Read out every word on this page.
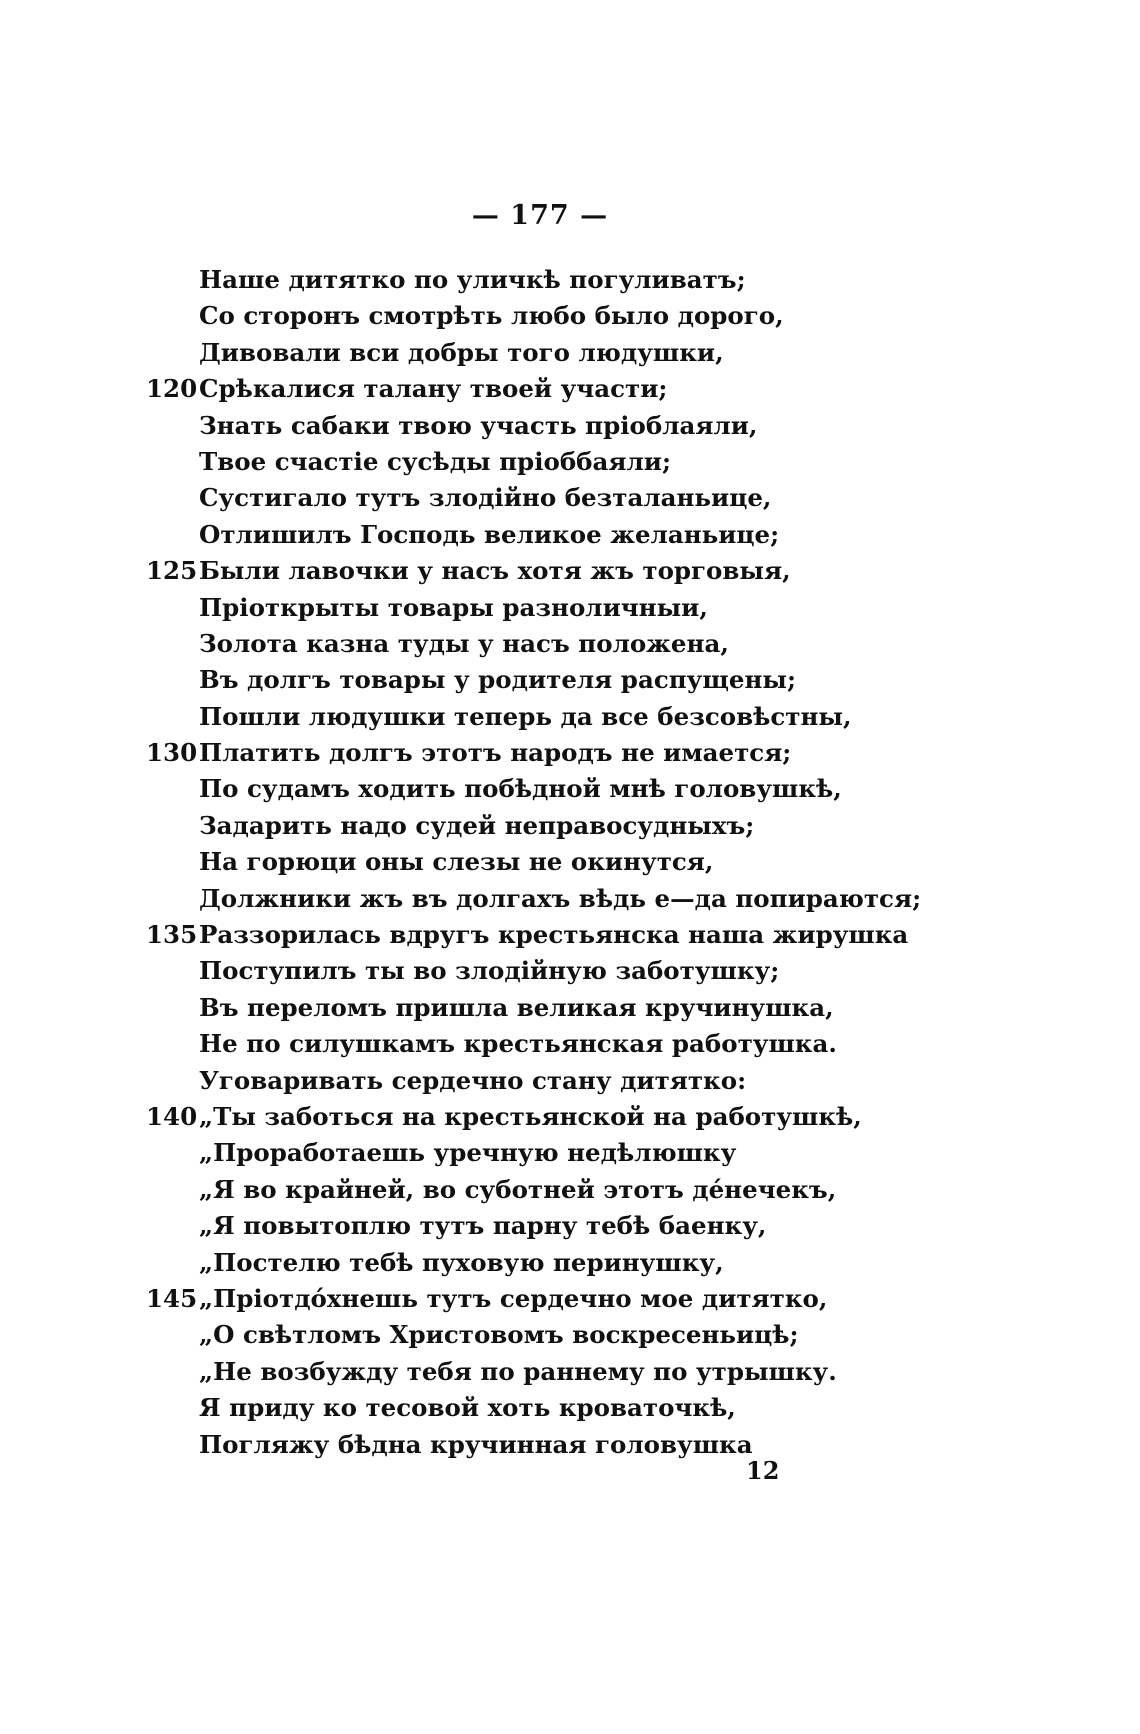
— 177 —
Наше дитятко по уличкѣ погуливатъ;
Со сторонъ смотрѣть любо было дорого,
Дивовали вси добры того людушки,
120 Срѣкалися талану твоей участи;
Знать сабаки твою участь пріоблаяли,
Твое счастіе сусѣды пріоббаяли;
Сустигало тутъ злодійно безталаньице,
Отлишилъ Господь великое желаньице;
125 Были лавочки у насъ хотя жъ торговыя,
Пріоткрыты товары разноличныи,
Золота казна туды у насъ положена,
Въ долгъ товары у родителя распущены;
Пошли людушки теперь да все безсовѣстны,
130 Платить долгъ этотъ народъ не имается;
По судамъ ходить побѣдной мнѣ головушкѣ,
Задарить надо судей неправосудныхъ;
На горюци оны слезы не окинутся,
Должники жъ въ долгахъ вѣдь е—да попираются;
135 Раззорилась вдругъ крестьянска наша жирушка
Поступилъ ты во злодійную заботушку;
Въ переломъ пришла великая кручинушка,
Не по силушкамъ крестьянская работушка.
Уговаривать сердечно стану дитятко:
140 „Ты заботься на крестьянской на работушкѣ,
„Проработаешь уречную недѣлюшку
„Я во крайней, во суботней этотъ де́нечекъ,
„Я повытоплю тутъ парну тебѣ баенку,
„Постелю тебѣ пуховую перинушку,
145 „Пріотдо́хнешь тутъ сердечно мое дитятко,
„О свѣтломъ Христовомъ воскресеньицѣ;
„Не возбужду тебя по раннему по утрышку.
Я приду ко тесовой хоть кроваточкѣ,
Погляжу бѣдна кручинная головушка
12
